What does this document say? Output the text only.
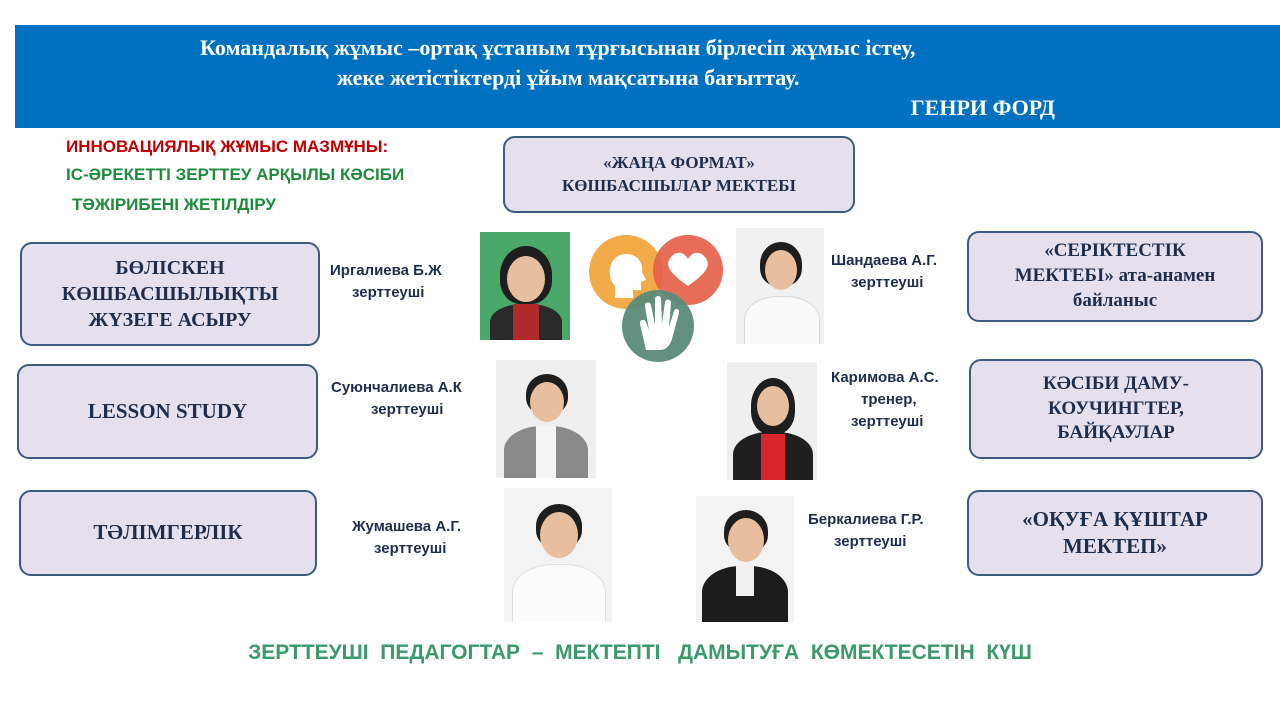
Командалық жұмыс –ортақ ұстаным тұрғысынан бірлесіп жұмыс істеу,
жеке жетістіктерді ұйым мақсатына бағыттау.
ГЕНРИ ФОРД
ИННОВАЦИЯЛЫҚ ЖҰМЫС МАЗМҰНЫ:
ІС-ӘРЕКЕТТІ ЗЕРТТЕУ АРҚЫЛЫ КӘСІБИ
ТӘЖІРИБЕНІ ЖЕТІЛДІРУ
«ЖАҢА ФОРМАТ»
КӨШБАСШЫЛАР МЕКТЕБІ
БӨЛІСКЕН
КӨШБАСШЫЛЫҚТЫ
ЖҮЗЕГЕ АСЫРУ
LESSON STUDY
ТӘЛІМГЕРЛІК
«СЕРІКТЕСТІК
МЕКТЕБІ» ата-анамен
байланыс
КӘСІБИ ДАМУ-
КОУЧИНГТЕР,
БАЙҚАУЛАР
«ОҚУҒА ҚҰШТАР
МЕКТЕП»
Иргалиева Б.Ж
зерттеуші
Шандаева А.Г.
зерттеуші
Суюнчалиева А.К
зерттеуші
Каримова А.С.
тренер,
зерттеуші
Жумашева А.Г.
зерттеуші
Беркалиева Г.Р.
зерттеуші
ЗЕРТТЕУШІ  ПЕДАГОГТАР  –  МЕКТЕПТІ   ДАМЫТУҒА  КӨМЕКТЕСЕТІН  КҮШ
